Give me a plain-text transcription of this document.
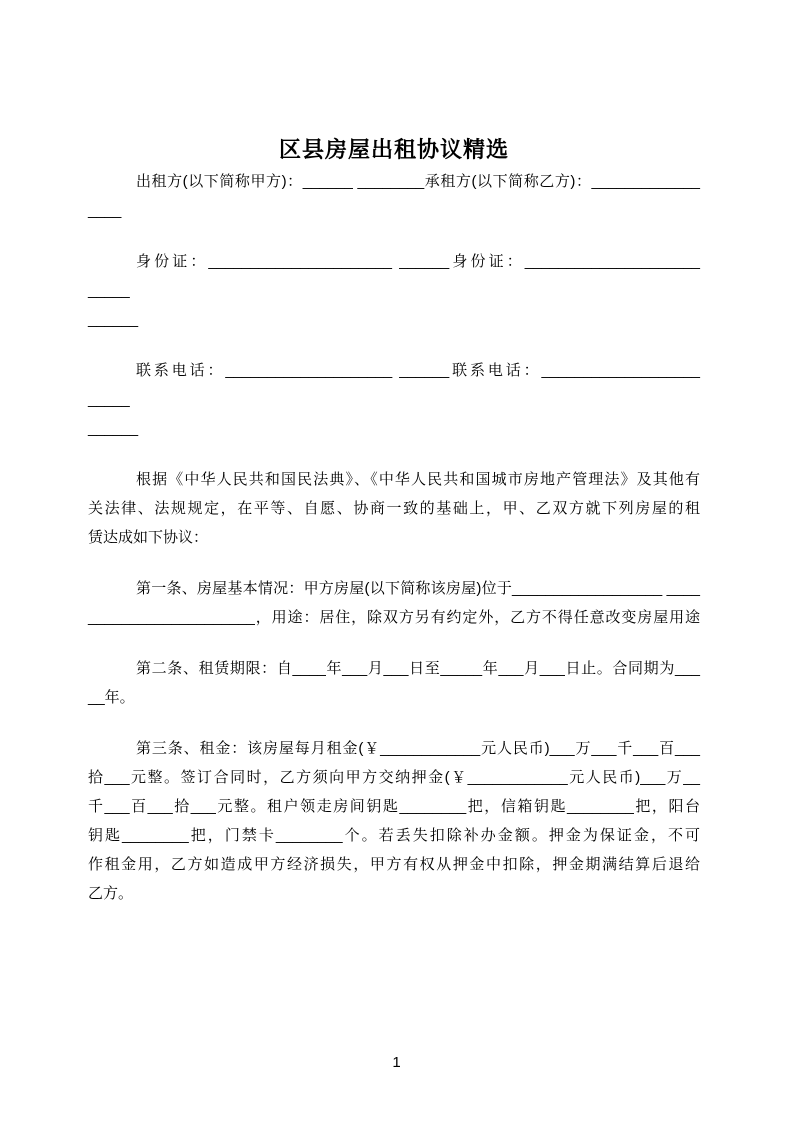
区县房屋出租协议精选
出租方(以下简称甲方)：______ ________承租方(以下简称乙方)：_____________
____
身份证：______________________ ______身份证：_____________________ _____
______
联系电话：____________________ ______联系电话：___________________ _____
______
根据《中华人民共和国民法典》、《中华人民共和国城市房地产管理法》及其他有
关法律、法规规定，在平等、自愿、协商一致的基础上，甲、乙双方就下列房屋的租
赁达成如下协议：
第一条、房屋基本情况：甲方房屋(以下简称该房屋)位于__________________ ____
____________________，用途：居住，除双方另有约定外，乙方不得任意改变房屋用途
第二条、租赁期限：自____年___月___日至_____年___月___日止。合同期为___
__年。
第三条、租金：该房屋每月租金(￥____________元人民币)___万___千___百___
拾___元整。签订合同时，乙方须向甲方交纳押金(￥____________元人民币)___万__
千___百___拾___元整。租户领走房间钥匙________把，信箱钥匙________把，阳台
钥匙________把，门禁卡________个。若丢失扣除补办金额。押金为保证金，不可
作租金用，乙方如造成甲方经济损失，甲方有权从押金中扣除，押金期满结算后退给
乙方。
1
